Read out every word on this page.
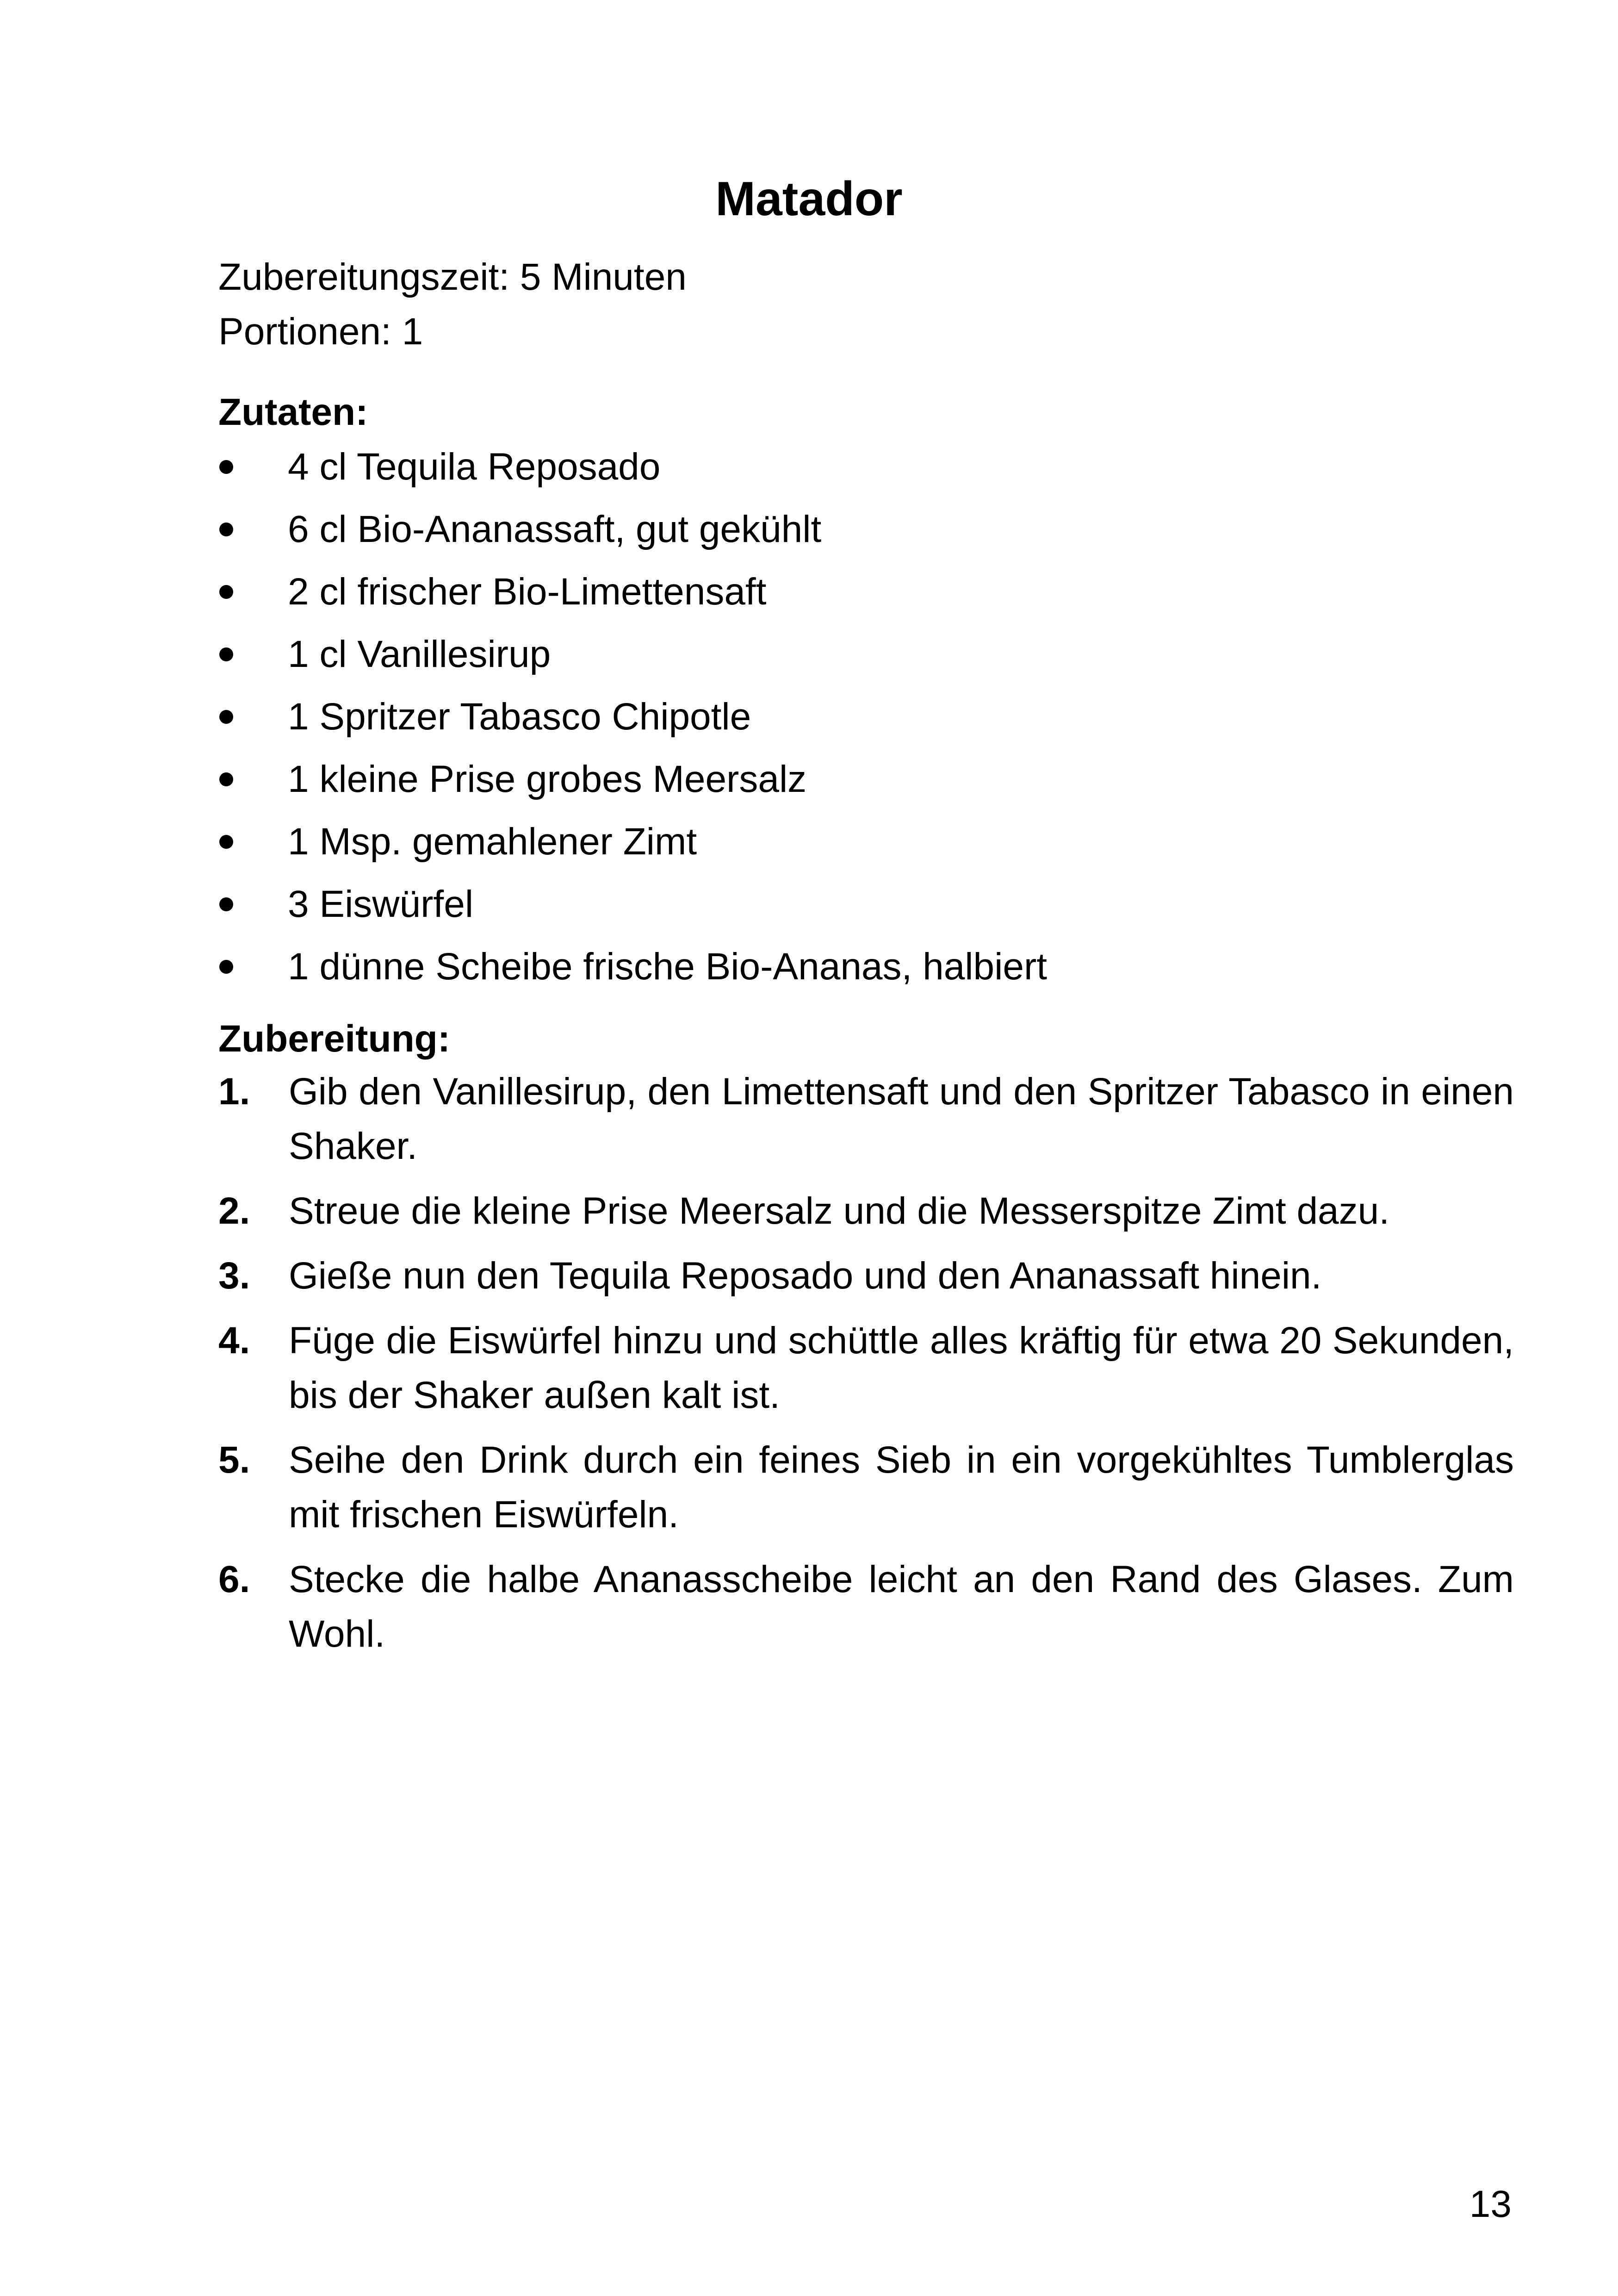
Matador
Zubereitungszeit: 5 Minuten
Portionen: 1
Zutaten:
4 cl Tequila Reposado
6 cl Bio-Ananassaft, gut gekühlt
2 cl frischer Bio-Limettensaft
1 cl Vanillesirup
1 Spritzer Tabasco Chipotle
1 kleine Prise grobes Meersalz
1 Msp. gemahlener Zimt
3 Eiswürfel
1 dünne Scheibe frische Bio-Ananas, halbiert
Zubereitung:
1. Gib den Vanillesirup, den Limettensaft und den Spritzer Tabasco in einen Shaker.
2. Streue die kleine Prise Meersalz und die Messerspitze Zimt dazu.
3. Gieße nun den Tequila Reposado und den Ananassaft hinein.
4. Füge die Eiswürfel hinzu und schüttle alles kräftig für etwa 20 Sekunden, bis der Shaker außen kalt ist.
5. Seihe den Drink durch ein feines Sieb in ein vorgekühltes Tumblerglas mit frischen Eiswürfeln.
6. Stecke die halbe Ananasscheibe leicht an den Rand des Glases. Zum Wohl.
13
